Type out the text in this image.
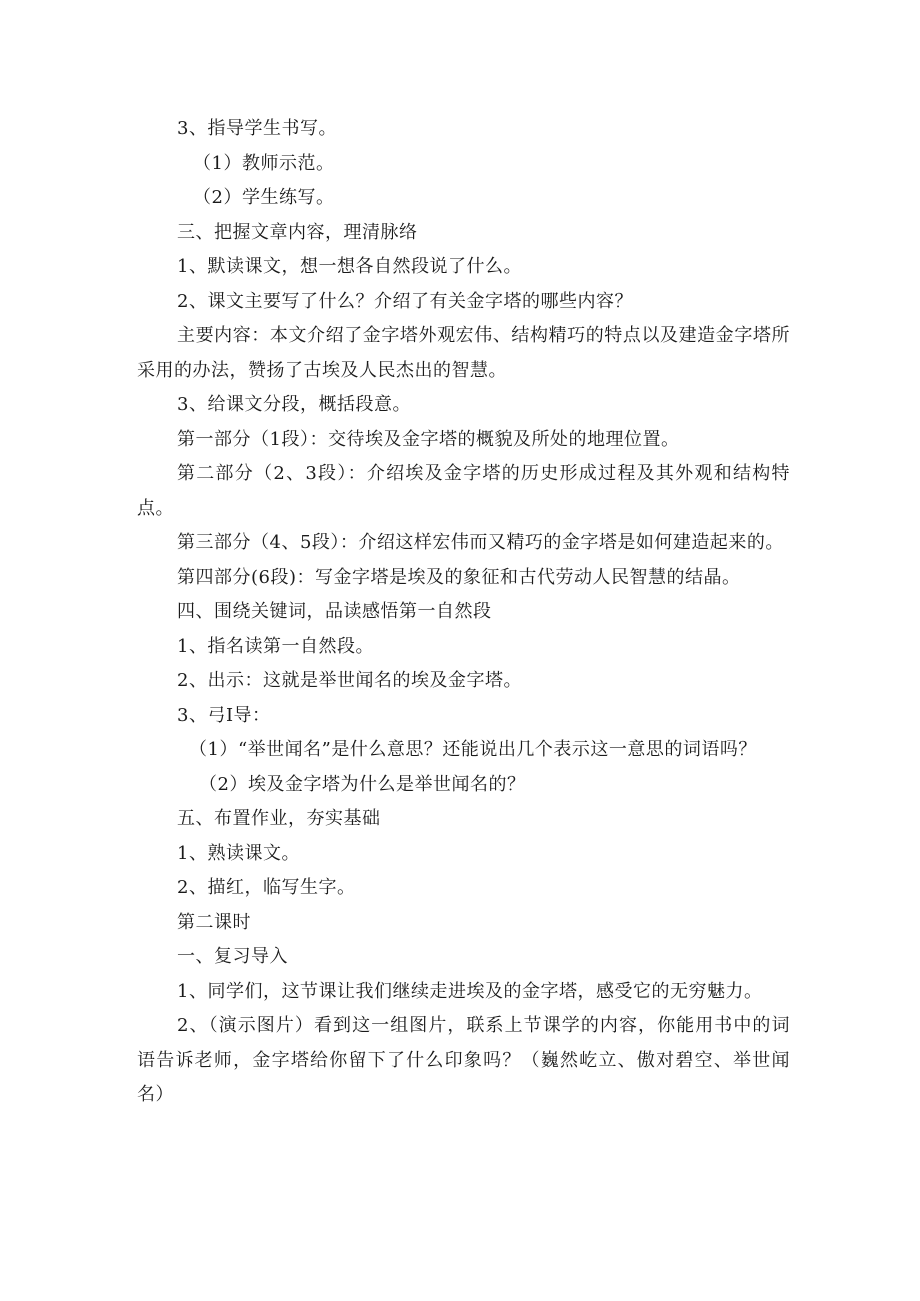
3、指导学生书写。

（1）教师示范。

（2）学生练写。

三、把握文章内容，理清脉络

1、默读课文，想一想各自然段说了什么。

2、课文主要写了什么？介绍了有关金字塔的哪些内容？

主要内容：本文介绍了金字塔外观宏伟、结构精巧的特点以及建造金字塔所采用的办法，赞扬了古埃及人民杰出的智慧。

3、给课文分段，概括段意。

第一部分（1段）：交待埃及金字塔的概貌及所处的地理位置。

第二部分（2、3段）：介绍埃及金字塔的历史形成过程及其外观和结构特点。

第三部分（4、5段）：介绍这样宏伟而又精巧的金字塔是如何建造起来的。

第四部分(6段)：写金字塔是埃及的象征和古代劳动人民智慧的结晶。

四、围绕关键词，品读感悟第一自然段

1、指名读第一自然段。

2、出示：这就是举世闻名的埃及金字塔。

3、弓I导：

（1）“举世闻名”是什么意思？还能说出几个表示这一意思的词语吗？

（2）埃及金字塔为什么是举世闻名的？

五、布置作业，夯实基础

1、熟读课文。

2、描红，临写生字。

第二课时

一、复习导入

1、同学们，这节课让我们继续走进埃及的金字塔，感受它的无穷魅力。

2、（演示图片）看到这一组图片，联系上节课学的内容，你能用书中的词语告诉老师，金字塔给你留下了什么印象吗？（巍然屹立、傲对碧空、举世闻名）
